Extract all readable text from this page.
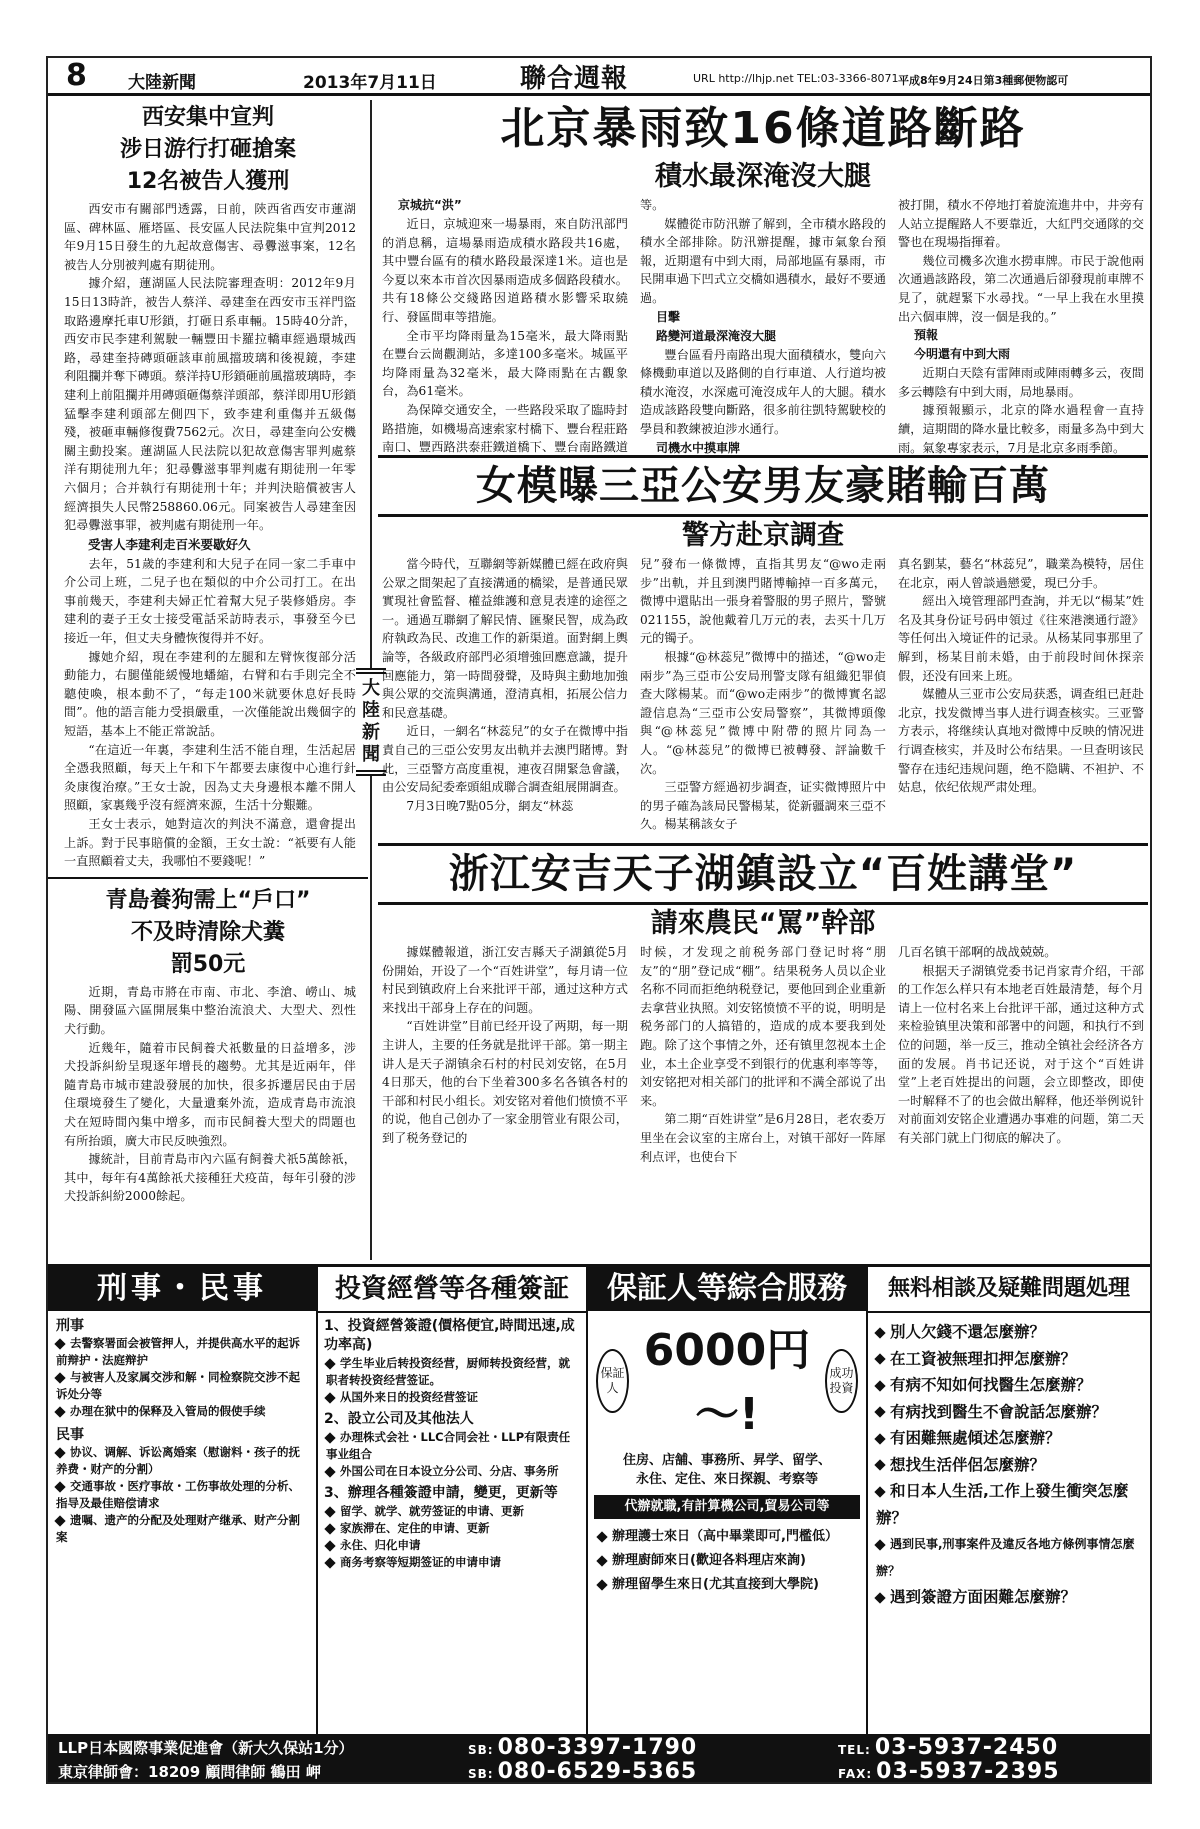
8 大陸新聞	2013年7月11日	聯合週報	URL http://lhjp.net TEL:03-3366-8071 平成8年9月24日第3種郵便物認可
西安集中宣判
涉日游行打砸搶案
12名被告人獲刑

西安市有關部門透露，日前，陝西省西安市蓮湖區、碑林區、雁塔區、長安區人民法院集中宣判2012年9月15日發生的九起故意傷害、尋釁滋事案，12名被告人分別被判處有期徒刑。

據介紹，蓮湖區人民法院審理查明：2012年9月15日13時許，被告人蔡洋、尋建奎在西安市玉祥門盜取路邊摩托車U形鎖，打砸日系車輛。15時40分許，西安市民李建利駕駛一輛豐田卡羅拉轎車經過環城西路，尋建奎持磚頭砸該車前風擋玻璃和後視鏡，李建利阻攔并奪下磚頭。蔡洋持U形鎖砸前風擋玻璃時，李建利上前阻攔并用磚頭砸傷蔡洋頭部，蔡洋即用U形鎖猛擊李建利頭部左側四下，致李建利重傷并五級傷殘，被砸車輛修復費7562元。次日，尋建奎向公安機關主動投案。蓮湖區人民法院以犯故意傷害罪判處蔡洋有期徒刑九年；犯尋釁滋事罪判處有期徒刑一年零六個月；合并執行有期徒刑十年；并判決賠償被害人經濟損失人民幣258860.06元。同案被告人尋建奎因犯尋釁滋事罪，被判處有期徒刑一年。

受害人李建利走百米要歇好久

去年，51歲的李建利和大兒子在同一家二手車中介公司上班，二兒子也在類似的中介公司打工。在出事前幾天，李建利夫婦正忙着幫大兒子裝修婚房。李建利的妻子王女士接受電話采訪時表示，事發至今已接近一年，但丈夫身體恢復得并不好。

據她介紹，現在李建利的左腿和左臂恢復部分活動能力，右腿僅能緩慢地蟠縮，右臂和右手則完全不聽使喚，根本動不了，“每走100米就要休息好長時間”。他的語言能力受損嚴重，一次僅能說出幾個字的短語，基本上不能正常說話。

“在這近一年裏，李建利生活不能自理，生活起居全憑我照顧，每天上午和下午都要去康復中心進行針灸康復治療。”王女士說，因為丈夫身邊根本離不開人照顧，家裏幾乎沒有經濟來源，生活十分艱難。

王女士表示，她對這次的判決不滿意，還會提出上訴。對于民事賠償的金額，王女士說：“祇要有人能一直照顧着丈夫，我哪怕不要錢呢！”

青島養狗需上“戶口”
不及時清除犬糞
罰50元

近期，青島市將在市南、市北、李滄、嶗山、城陽、開發區六區開展集中整治流浪犬、大型犬、烈性犬行動。

近幾年，隨着市民飼養犬祇數量的日益增多，涉犬投訴糾紛呈現逐年增長的趨勢。尤其是近兩年，伴隨青島市城市建設發展的加快，很多拆遷居民由于居住環境發生了變化，大量遺棄外流，造成青島市流浪犬在短時間內集中增多，而市民飼養大型犬的問題也有所抬頭，廣大市民反映強烈。

據統計，目前青島市內六區有飼養犬祇5萬餘祇，其中，每年有4萬餘祇犬接種狂犬疫苗，每年引發的涉犬投訴糾紛2000餘起。

大陸新聞
北京暴雨致16條道路斷路
積水最深淹沒大腿
京城抗“洪”

近日，京城迎來一場暴雨，來自防汛部門的消息稱，這場暴雨造成積水路段共16處，其中豐台區有的積水路段最深達1米。這也是今夏以來本市首次因暴雨造成多個路段積水。共有18條公交綫路因道路積水影響采取繞行、發區間車等措施。

全市平均降雨量為15毫米，最大降雨點在豐台云崗觀測站，多達100多毫米。城區平均降雨量為32毫米，最大降雨點在古觀象台，為61毫米。

為保障交通安全，一些路段采取了臨時封路措施，如機場高速索家村橋下、豐台程莊路南口、豐西路洪泰莊鐵道橋下、豐台南路鐵道

等。

媒體從市防汛辦了解到，全市積水路段的積水全部排除。防汛辦提醒，據市氣象台預報，近期還有中到大雨，局部地區有暴雨，市民開車過下凹式立交橋如遇積水，最好不要通過。

目擊
路變河道最深淹沒大腿

豐台區看丹南路出現大面積積水，雙向六條機動車道以及路側的自行車道、人行道均被積水淹沒，水深處可淹沒成年人的大腿。積水造成該路段雙向斷路，很多前往凱特駕駛校的學員和教練被迫涉水通行。

司機水中摸車牌

被打開，積水不停地打着旋流進井中，井旁有人站立提醒路人不要靠近，大紅門交通隊的交警也在現場指揮着。

幾位司機多次進水撈車牌。市民于說他兩次通過該路段，第二次通過后卻發現前車牌不見了，就趕緊下水尋找。“一早上我在水里摸出六個車牌，沒一個是我的。”

預報
今明還有中到大雨

近期白天陰有雷陣雨或陣雨轉多云，夜間多云轉陰有中到大雨，局地暴雨。

據預報顯示，北京的降水過程會一直持續，這期間的降水量比較多，雨量多為中到大雨。氣象專家表示，7月是北京多雨季節。

女模曝三亞公安男友豪賭輸百萬
警方赴京調查

當今時代，互聯網等新媒體已經在政府與公眾之間架起了直接溝通的橋梁，是普通民眾實現社會監督、權益維護和意見表達的途徑之一。通過互聯網了解民情、匯聚民智，成為政府執政為民、改進工作的新渠道。面對網上輿論等，各級政府部門必須增強回應意識，提升回應能力，第一時間發聲，及時與主動地加強與公眾的交流與溝通，澄清真相，拓展公信力和民意基礎。

近日，一網名“林蕊兒”的女子在微博中指責自己的三亞公安男友出軌并去澳門賭博。對此，三亞警方高度重視，連夜召開緊急會議，由公安局紀委牽頭組成聯合調查組展開調查。

7月3日晚7點05分，網友“林蕊

兒”發布一條微博，直指其男友“@wo走兩步”出軌，并且到澳門賭博輸掉一百多萬元，微博中還貼出一張身着警服的男子照片，警號021155，說他戴着几万元的表，去买十几万元的镯子。

根據“@林蕊兒”微博中的描述，“@wo走兩步”為三亞市公安局刑警支隊有組織犯罪偵查大隊楊某。而“@wo走兩步”的微博實名認證信息為“三亞市公安局警察”，其微博頭像與“@林蕊兒”微博中附帶的照片同為一人。“@林蕊兒”的微博已被轉發、評論數千次。

三亞警方經過初步調查，证实微博照片中的男子確為該局民警楊某，從新疆調來三亞不久。楊某稱該女子

真名劉某，藝名“林蕊兒”，職業為模特，居住在北京，兩人曾談過戀愛，現已分手。

經出入境管理部門查詢，并无以“楊某”姓名及其身份证号码申領过《往來港澳通行證》等任何出入境证件的记录。从杨某同事那里了解到，杨某目前未婚，由于前段时间休探亲假，还没有回来上班。

媒體从三亚市公安局获悉，调查组已赶赴北京，找发微博当事人进行调查核实。三亚警方表示，将继续认真地对微博中反映的情况进行调查核实，并及时公布结果。一旦查明该民警存在违纪违规问题，绝不隐瞒、不袒护、不姑息，依纪依规严肃处理。

浙江安吉天子湖鎮設立“百姓講堂”
請來農民“罵”幹部

據媒體報道，浙江安吉縣天子湖鎮從5月份開始，开设了一个“百姓讲堂”，每月请一位村民到镇政府上台来批评干部，通过这种方式来找出干部身上存在的问题。

“百姓讲堂”目前已经开设了两期，每一期主讲人，主要的任务就是批评干部。第一期主讲人是天子湖镇余石村的村民刘安铭，在5月4日那天，他的台下坐着300多名各镇各村的干部和村民小组长。刘安铭对着他们愤愤不平的说，他自己创办了一家金朋管业有限公司，到了税务登记的

时候，才发现之前税务部门登记时将“朋友”的“朋”登记成“棚”。结果税务人员以企业名称不同而拒绝纳税登记，要他回到企业重新去拿营业执照。刘安铭愤愤不平的说，明明是税务部门的人搞错的，造成的成本要我到处跑。除了这个事情之外，还有镇里忽视本土企业，本土企业享受不到银行的优惠利率等等，刘安铭把对相关部门的批评和不满全部说了出来。

第二期“百姓讲堂”是6月28日，老农委万里坐在会议室的主席台上，对镇干部好一阵犀利点评，也使台下

几百名镇干部啊的战战兢兢。

根据天子湖镇党委书记肖家青介绍，干部的工作怎么样只有本地老百姓最清楚，每个月请上一位村名来上台批评干部，通过这种方式来检验镇里决策和部署中的问题，和执行不到位的问题，举一反三，推动全镇社会经济各方面的发展。肖书记还说，对于这个“百姓讲堂”上老百姓提出的问题，会立即整改，即使一时解释不了的也会做出解释，他还举例说针对前面刘安铭企业遭遇办事难的问题，第二天有关部门就上门彻底的解决了。

刑事・民事
刑事
去警察署面会被管押人，并提供高水平的起诉前辩护・法庭辩护
与被害人及家属交涉和解・同检察院交涉不起诉处分等
办理在狱中的保释及入管局的假使手续
民事
协议、调解、诉讼离婚案（慰谢料・孩子的抚养费・财产的分割）
交通事故・医疗事故・工伤事故处理的分析、指导及最佳赔偿请求
遗嘱、遗产的分配及处理财产继承、财产分割案
投資經營等各種簽証
1、投資經營簽證(價格便宜,時間迅速,成功率高)
学生毕业后转投资经营，厨师转投资经营，就职者转投资经营签证。
从国外来日的投资经营签证
2、設立公司及其他法人
办理株式会社・LLC合同会社・LLP有限责任事业组合
外国公司在日本设立分公司、分店、事务所
3、辦理各種簽證申請，變更，更新等
留学、就学、就劳签证的申请、更新
家族滞在、定住的申请、更新
永住、归化申请
商务考察等短期签证的申请申请
保証人等綜合服務
保証人
6000円～!
成功投資
住房、店舗、事務所、昇学、留学、
永住、定住、來日探親、考察等
代辦就職,有計算機公司,貿易公司等
辦理護士來日（高中畢業即可,門檻低）
辦理廚師來日(歡迎各料理店來詢)
辦理留學生來日(尤其直接到大學院)
無料相談及疑難問題処理
別人欠錢不還怎麼辦？
在工資被無理扣押怎麼辦？
有病不知如何找醫生怎麼辦？
有病找到醫生不會說話怎麼辦？
有困難無處傾述怎麼辦？
想找生活伴侶怎麼辦？
和日本人生活,工作上發生衝突怎麼辦？
遇到民事,刑事案件及違反各地方條例事情怎麼辦？
遇到簽證方面困難怎麼辦？
LLP日本國際事業促進會（新大久保站1分）
東京律師會：18209 顧問律師 鶴田 岬
SB: 080-3397-1790
SB: 080-6529-5365
TEL: 03-5937-2450
FAX: 03-5937-2395
